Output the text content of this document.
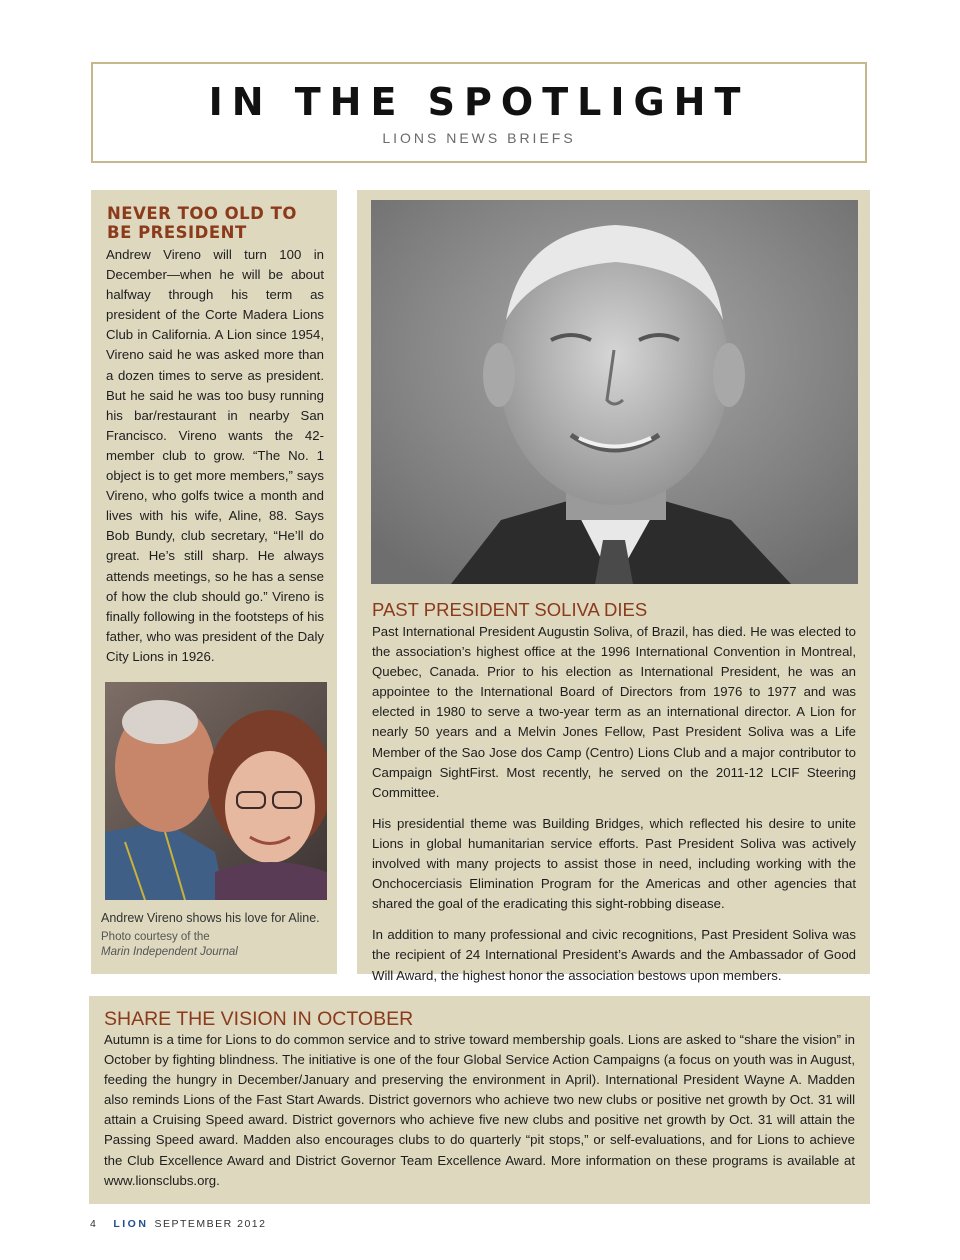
IN THE SPOTLIGHT
LIONS NEWS BRIEFS
NEVER TOO OLD TO BE PRESIDENT

Andrew Vireno will turn 100 in December—when he will be about halfway through his term as president of the Corte Madera Lions Club in California. A Lion since 1954, Vireno said he was asked more than a dozen times to serve as president. But he said he was too busy running his bar/restaurant in nearby San Francisco. Vireno wants the 42-member club to grow. “The No. 1 object is to get more members,” says Vireno, who golfs twice a month and lives with his wife, Aline, 88. Says Bob Bundy, club secretary, “He’ll do great. He’s still sharp. He always attends meetings, so he has a sense of how the club should go.” Vireno is finally following in the footsteps of his father, who was president of the Daly City Lions in 1926.

Andrew Vireno shows his love for Aline.
Photo courtesy of the
Marin Independent Journal
PAST PRESIDENT SOLIVA DIES

Past International President Augustin Soliva, of Brazil, has died. He was elected to the association’s highest office at the 1996 International Convention in Montreal, Quebec, Canada. Prior to his election as International President, he was an appointee to the International Board of Directors from 1976 to 1977 and was elected in 1980 to serve a two-year term as an international director. A Lion for nearly 50 years and a Melvin Jones Fellow, Past President Soliva was a Life Member of the Sao Jose dos Camp (Centro) Lions Club and a major contributor to Campaign SightFirst. Most recently, he served on the 2011-12 LCIF Steering Committee.

His presidential theme was Building Bridges, which reflected his desire to unite Lions in global humanitarian service efforts. Past President Soliva was actively involved with many projects to assist those in need, including working with the Onchocerciasis Elimination Program for the Americas and other agencies that shared the goal of the eradicating this sight-robbing disease.

In addition to many professional and civic recognitions, Past President Soliva was the recipient of 24 International President’s Awards and the Ambassador of Good Will Award, the highest honor the association bestows upon members.

SHARE THE VISION IN OCTOBER

Autumn is a time for Lions to do common service and to strive toward membership goals. Lions are asked to “share the vision” in October by fighting blindness. The initiative is one of the four Global Service Action Campaigns (a focus on youth was in August, feeding the hungry in December/January and preserving the environment in April). International President Wayne A. Madden also reminds Lions of the Fast Start Awards. District governors who achieve two new clubs or positive net growth by Oct. 31 will attain a Cruising Speed award. District governors who achieve five new clubs and positive net growth by Oct. 31 will attain the Passing Speed award. Madden also encourages clubs to do quarterly “pit stops,” or self-evaluations, and for Lions to achieve the Club Excellence Award and District Governor Team Excellence Award. More information on these programs is available at www.lionsclubs.org.

4 LION SEPTEMBER 2012
